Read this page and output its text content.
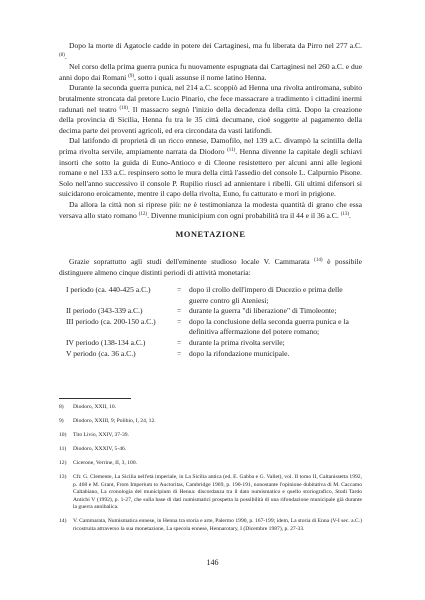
Dopo la morte di Agatocle cadde in potere dei Cartaginesi, ma fu liberata da Pirro nel 277 a.C. $^{(8)}$.

Nel corso della prima guerra punica fu nuovamente espugnata dai Cartaginesi nel 260 a.C. e due anni dopo dai Romani $^{(9)}$, sotto i quali assunse il nome latino Henna.

Durante la seconda guerra punica, nel 214 a.C. scoppiò ad Henna una rivolta antiromana, subito brutalmente stroncata dal pretore Lucio Pinario, che fece massacrare a tradimento i cittadini inermi radunati nel teatro $^{(10)}$. Il massacro segnò l'inizio della decadenza della città. Dopo la creazione della provincia di Sicilia, Henna fu tra le 35 città decumane, cioè soggette al pagamento della decima parte dei proventi agricoli, ed era circondata da vasti latifondi.

Dal latifondo di proprietà di un ricco ennese, Damofilo, nel 139 a.C. divampò la scintilla della prima rivolta servile, ampiamente narrata da Diodoro $^{(11)}$. Henna divenne la capitale degli schiavi insorti che sotto la guida di Euno-Antioco e di Cleone resistettero per alcuni anni alle legioni romane e nel 133 a.C. respinsero sotto le mura della città l'assedio del console L. Calpurnio Pisone. Solo nell'anno successivo il console P. Rupilio riuscì ad annientare i ribelli. Gli ultimi difensori si suicidarono eroicamente, mentre il capo della rivolta, Euno, fu catturato e morì in prigione.

Da allora la città non si riprese più: ne è testimonianza la modesta quantità di grano che essa versava allo stato romano $^{(12)}$. Divenne municipium con ogni probabilità tra il 44 e il 36 a.C. $^{(13)}$.

MONETAZIONE

Grazie soprattutto agli studi dell'eminente studioso locale V. Cammarata $^{(14)}$ è possibile distinguere almeno cinque distinti periodi di attività monetaria:

I periodo (ca. 440-425 a.C.)	=	dopo il crollo dell'impero di Ducezio e prima delle guerre contro gli Ateniesi;
II periodo (343-339 a.C.)	=	durante la guerra "di liberazione" di Timoleonte;
III periodo (ca. 200-150 a.C.)	=	dopo la conclusione della seconda guerra punica e la definitiva affermazione del potere romano;
IV periodo (138-134 a.C.)	=	durante la prima rivolta servile;
V periodo (ca. 36 a.C.)	=	dopo la rifondazione municipale.
8)	Diodoro, XXII, 10.
9)	Diodoro, XXIII, 9; Polibio, I, 24, 12.
10)	Tito Livio, XXIV, 37-39.
11)	Diodoro, XXXIV, 5-46.
12)	Cicerone, Verrine, II, 3, 100.
13)	Cfr. G. Clemente, La Sicilia nell'età imperiale, in La Sicilia antica (ed. E. Gabba e G. Vallet), vol. II tomo II, Caltanissetta 1992, p. 468 e M. Grant, From Imperium to Auctoritas, Cambridge 1969, p. 190-191, nonostante l'opinione dubitativa di M. Caccamo Caltabiano, La cronologia del municipium di Henna: discordanza tra il dato numismatico e quello storiografico, Studi Tardo Antichi V (1992), p. 1-27, che sulla base di dati numismatici prospetta la possibilità di una rifondazione municipale già durante la guerra annibalica.
14)	V. Cammarata, Numismatica ennese, in Henna tra storia e arte, Palermo 1990, p. 167-199; idem, La storia di Enna (V-I sec. a.C.) ricostruita attraverso la sua monetazione, La specola ennese, Hennarotary, I (Dicembre 1987), p. 27-33.
146
